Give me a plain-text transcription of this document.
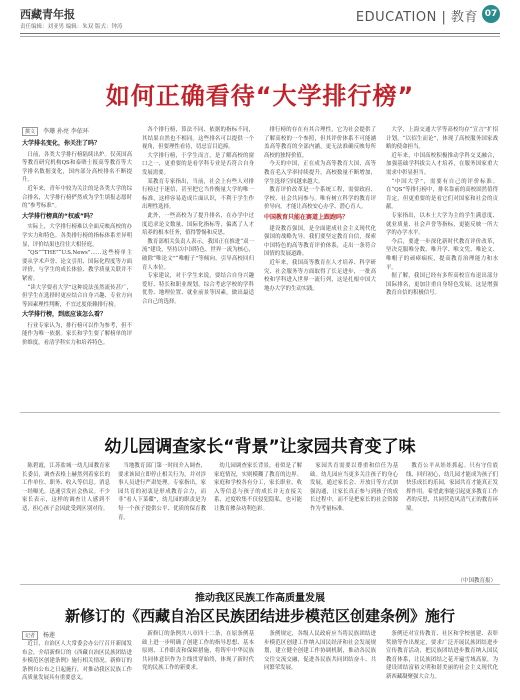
西藏青年报
责任编辑：刘亚男 编辑：朱双 版式：钟涛
EDUCATION | 教育 07
如何正确看待“大学排行榜”
撰文 李珊 孙亮 李依环
大学排名变化，你关注了吗？

日前，各类大学排行榜陆续出炉。仅英国高等教育研究机构QS和泰晤士报高等教育等大学排名数据变化，国内部分高校排名不断提升。

近年来，青年中较为关注的是各类大学的综合排名，大学排行榜俨然成为学生填报志愿时的“参考标准”。

大学排行榜真的“权威”吗？

实际上，大学排行榜难以全面反映高校的办学实力和特色。各类排行榜的指标体系差异明显，评价结果也往往大相径庭。

“QS”“THE”“U.S.News”……这些榜单主要从学术声誉、论文引用、国际化程度等方面评价，与学生的成长体验、教学质量关联并不紧密。

“读大学要看大学”这种说法虽然流传甚广，但学生在选择时更应结合自身兴趣、专业方向等因素理性判断，不宜过度依赖排行榜。

大学排行榜，到底应该怎么看？

行业专家认为，排行榜可以作为参考，但不能作为唯一依据。家长和学生要了解榜单的评价维度，看清学科实力和培养特色。

各个排行榜，算法不同、依据的指标不同，其结果自然也不相同。这些排名可以提供一个视角，但要理性看待，切忌盲目追捧。

大学排行榜，于学生而言，是了解高校的窗口之一，更重要的是看学科专业是否符合自身发展需要。

某教育专家指出，当前，社会上有些人对排行榜过于迷信，甚至把它当作衡量大学的唯一标准，这样容易造成片面认识，不利于学生作出理性选择。

此外，一些高校为了提升排名，在办学中过度追求论文数量、国际化指标等，偏离了人才培养的根本任务，值得警惕和反思。

教育部相关负责人表示，我国正在推进“双一流”建设，坚持以中国特色、世界一流为核心，破除“唯论文”“唯帽子”等倾向，引导高校回归育人本位。

专家建议，对于学生来说，要结合自身兴趣爱好、特长和职业规划，综合考虑学校的学科优势、地理位置、就业前景等因素，做出最适合自己的选择。

排行榜的存在有其合理性，它为社会提供了了解高校的一个参照，但其评价体系不可能涵盖高等教育的全部内涵，更无法准确反映每所高校的独特价值。

今天的中国，正在成为高等教育大国，高等教育毛入学率持续提升，高校数量不断增加，学生选择空间越来越大。

教育评价改革是一个系统工程，需要政府、学校、社会共同参与。唯有树立科学的教育评价导向，才能让高校安心办学、潜心育人。

中国教育只能在赛道上跟跑吗？

建设教育强国，是全面建成社会主义现代化强国的战略先导。我们要坚定教育自信，探索中国特色的高等教育评价体系，走出一条符合国情的发展道路。

近年来，我国高等教育在人才培养、科学研究、社会服务等方面取得了长足进步，一批高校和学科进入世界一流行列，这是扎根中国大地办大学的生动实践。

大学，上海交通大学等高校均存“宣言”扩招计划。“以招生而论”，体现了高校服务国家战略的使命担当。

近年来，中国高校积极推动学科交叉融合，加强基础学科拔尖人才培养，在服务国家重大需求中彰显担当。

“中国大学”，需要有自己的评价标准。在“QS”等排行榜中，排名靠前的高校固然值得肯定，但更重要的是看它们对国家和社会的贡献。

专家指出，以本土大学为主的学生满意度、就业质量、社会声誉等指标，更能反映一所大学的办学水平。

今后，要进一步深化新时代教育评价改革，坚决克服唯分数、唯升学、唯文凭、唯论文、唯帽子的顽瘴痼疾，提高教育治理能力和水平。

据了解，我国已经有多所高校宣布退出部分国际排名，更加注重自身特色发展，这是增强教育自信的积极信号。

幼儿园调查家长“背景”让家园共育变了味

陈碧霞，江苏盐城一幼儿园教育家长委员，调查表格上赫然列着家长的工作单位、职务、收入等信息。消息一经曝光，迅速引发社会热议。不少家长表示，这样的调查让人感到不适，担心孩子会因此受到区别对待。

当地教育部门第一时间介入调查，要求该园立即停止相关行为，并对涉事人员进行严肃处理。专家指出，家园共育的初衷是形成教育合力，而非“看人下菜碟”，幼儿园的职责是为每一个孩子提供公平、优质的保育教育。

幼儿园调查家长背景，看似是了解家庭情况，实则模糊了教育的边界。家庭和学校各有分工，家长职业、收入等信息与孩子的成长并无直接关系，过度收集不仅侵犯隐私，也可能让教育掺杂功利色彩。

家园共育需要以尊重和信任为基础。幼儿园应当更多关注孩子的身心发展，通过家长会、开放日等方式加强沟通，让家长真正参与到孩子的成长过程中，而不是把家长的社会资源作为考量标准。

教育公平从娃娃抓起。只有守住底线、回归初心，幼儿园才能成为孩子们快乐成长的乐园，家园共育才能真正发挥作用。希望此事能引起更多教育工作者的反思，共同营造风清气正的教育环境。

（中国教育报）
推动我区民族工作高质量发展
新修订的《西藏自治区民族团结进步模范区创建条例》施行
记者 杨莲

近日，自治区人大常委会办公厅召开新闻发布会，介绍新修订的《西藏自治区民族团结进步模范区创建条例》施行相关情况。新修订的条例自公布之日起施行，对推动我区民族工作高质量发展具有重要意义。

新修订的条例共八章四十二条，在原条例基础上进一步明确了创建工作的指导思想、基本原则、工作职责和保障措施，将铸牢中华民族共同体意识作为主线贯穿始终，体现了新时代党的民族工作的新要求。

条例规定，各级人民政府应当将民族团结进步模范区创建工作纳入国民经济和社会发展规划，建立健全创建工作协调机制，推动各民族交往交流交融，促进各民族共同团结奋斗、共同繁荣发展。

条例还对宣传教育、社区和学校创建、表彰奖励等作出规定，要求广泛开展民族团结进步宣传教育活动，把民族团结进步教育纳入国民教育体系，让民族团结之花开遍雪域高原，为建设团结富裕文明和谐美丽的社会主义现代化新西藏凝聚强大合力。
